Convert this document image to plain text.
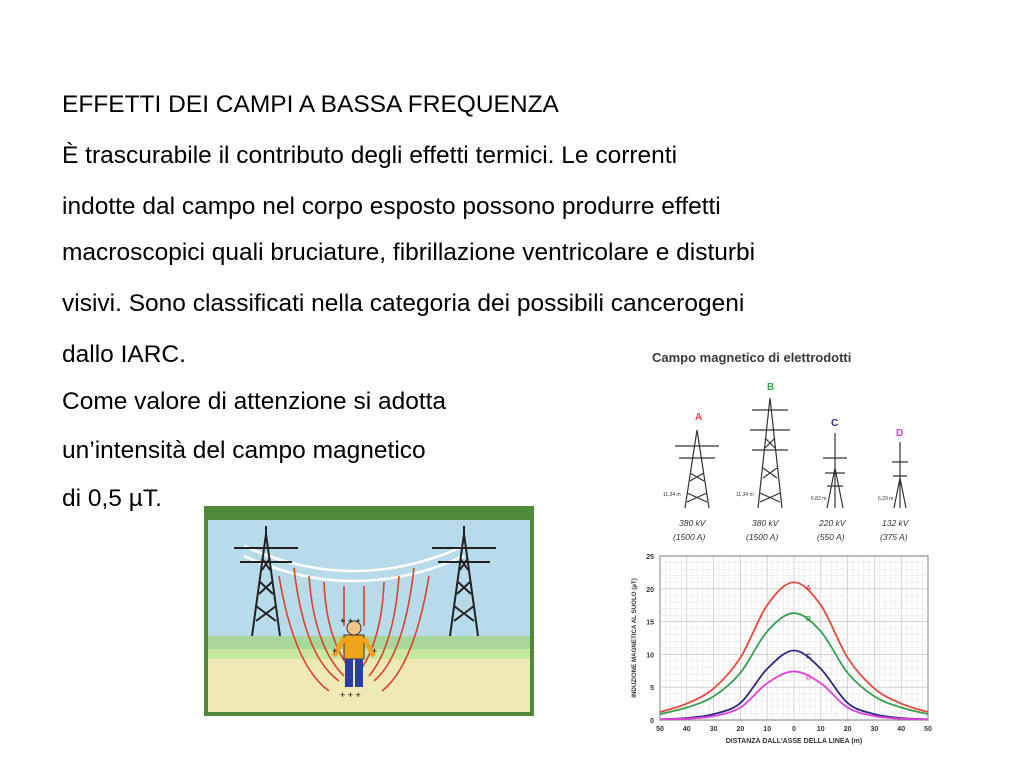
EFFETTI DEI CAMPI A BASSA FREQUENZA
È trascurabile il contributo degli effetti termici. Le correnti
indotte dal campo nel corpo esposto possono produrre effetti
macroscopici quali bruciature, fibrillazione ventricolare e disturbi
visivi. Sono classificati nella categoria dei possibili cancerogeni
dallo IARC.
Come valore di attenzione si adotta
un’intensità del campo magnetico
di 0,5 µT.
+ + +
+	+
+ + +
Campo magnetico di elettrodotti
A
11,34 m
380 kV
(1500 A)
B
11,34 m
380 kV
(1500 A)
C
6,82 m
220 kV
(550 A)
D
6,29 m
132 kV
(375 A)
0
5
10
15
20
25
50	40	30	20	10	0	10	20	30	40	50
DISTANZA DALL'ASSE DELLA LINEA (m)
INDUZIONE MAGNETICA AL SUOLO (µT)	A
B
C
D
